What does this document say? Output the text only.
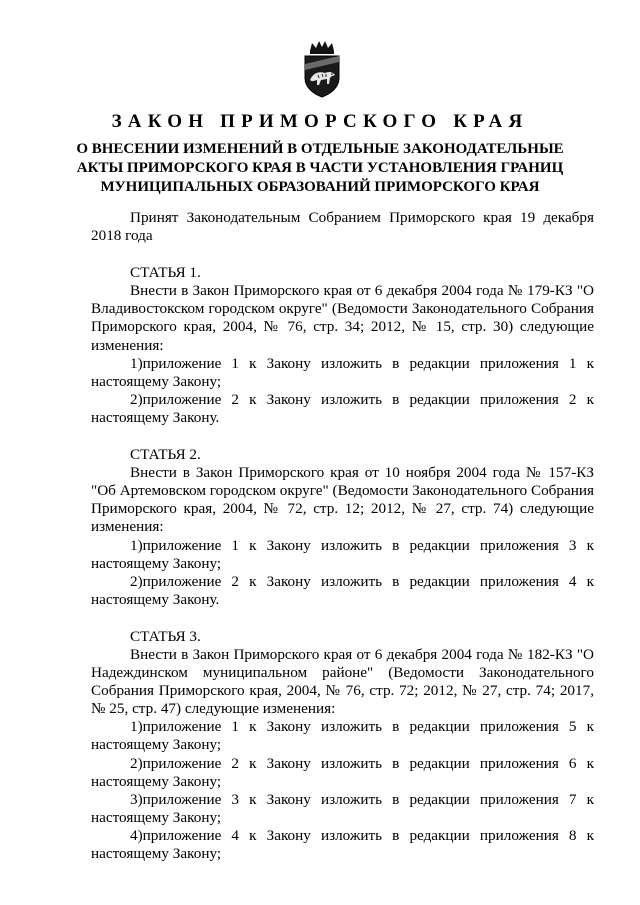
ЗАКОН ПРИМОРСКОГО КРАЯ
О ВНЕСЕНИИ ИЗМЕНЕНИЙ В ОТДЕЛЬНЫЕ ЗАКОНОДАТЕЛЬНЫЕ
АКТЫ ПРИМОРСКОГО КРАЯ В ЧАСТИ УСТАНОВЛЕНИЯ ГРАНИЦ
МУНИЦИПАЛЬНЫХ ОБРАЗОВАНИЙ ПРИМОРСКОГО КРАЯ

Принят Законодательным Собранием Приморского края 19 декабря 2018 года

СТАТЬЯ 1.

Внести в Закон Приморского края от 6 декабря 2004 года № 179-КЗ "О Владивостокском городском округе" (Ведомости Законодательного Собрания Приморского края, 2004, № 76, стр. 34; 2012, № 15, стр. 30) следующие изменения:

1)приложение 1 к Закону изложить в редакции приложения 1 к настоящему Закону;

2)приложение 2 к Закону изложить в редакции приложения 2 к настоящему Закону.

СТАТЬЯ 2.

Внести в Закон Приморского края от 10 ноября 2004 года № 157-КЗ "Об Артемовском городском округе" (Ведомости Законодательного Собрания Приморского края, 2004, № 72, стр. 12; 2012, № 27, стр. 74) следующие изменения:

1)приложение 1 к Закону изложить в редакции приложения 3 к настоящему Закону;

2)приложение 2 к Закону изложить в редакции приложения 4 к настоящему Закону.

СТАТЬЯ 3.

Внести в Закон Приморского края от 6 декабря 2004 года № 182-КЗ "О Надеждинском муниципальном районе" (Ведомости Законодательного Собрания Приморского края, 2004, № 76, стр. 72; 2012, № 27, стр. 74; 2017, № 25, стр. 47) следующие изменения:

1)приложение 1 к Закону изложить в редакции приложения 5 к настоящему Закону;

2)приложение 2 к Закону изложить в редакции приложения 6 к настоящему Закону;

3)приложение 3 к Закону изложить в редакции приложения 7 к настоящему Закону;

4)приложение 4 к Закону изложить в редакции приложения 8 к настоящему Закону;
